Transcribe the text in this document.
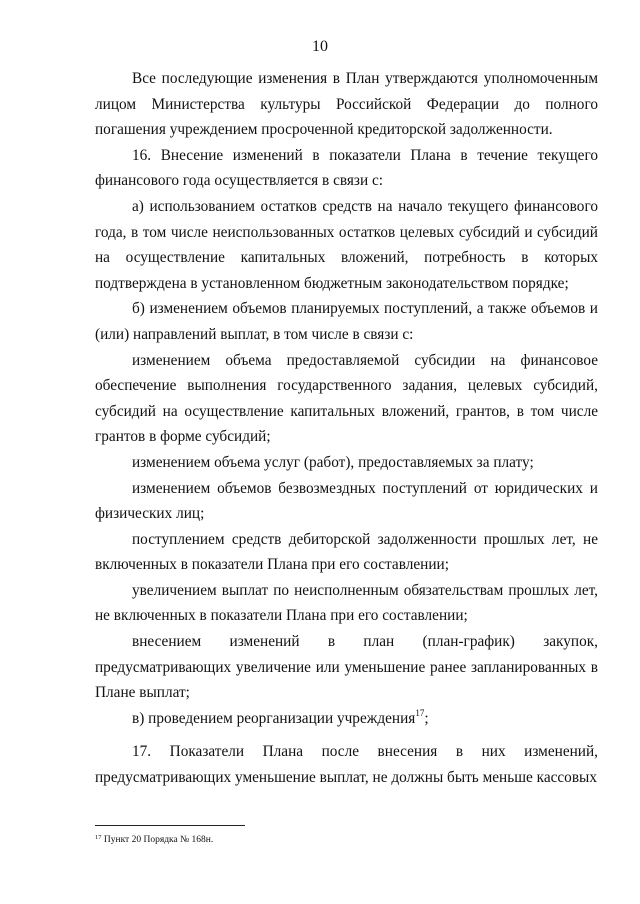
10

Все последующие изменения в План утверждаются уполномоченным лицом Министерства культуры Российской Федерации до полного погашения учреждением просроченной кредиторской задолженности.

16. Внесение изменений в показатели Плана в течение текущего финансового года осуществляется в связи с:

а) использованием остатков средств на начало текущего финансового года, в том числе неиспользованных остатков целевых субсидий и субсидий на осуществление капитальных вложений, потребность в которых подтверждена в установленном бюджетным законодательством порядке;

б) изменением объемов планируемых поступлений, а также объемов и (или) направлений выплат, в том числе в связи с:

изменением объема предоставляемой субсидии на финансовое обеспечение выполнения государственного задания, целевых субсидий, субсидий на осуществление капитальных вложений, грантов, в том числе грантов в форме субсидий;

изменением объема услуг (работ), предоставляемых за плату;

изменением объемов безвозмездных поступлений от юридических и физических лиц;

поступлением средств дебиторской задолженности прошлых лет, не включенных в показатели Плана при его составлении;

увеличением выплат по неисполненным обязательствам прошлых лет, не включенных в показатели Плана при его составлении;

внесением изменений в план (план-график) закупок, предусматривающих увеличение или уменьшение ранее запланированных в Плане выплат;

в) проведением реорганизации учреждения$^{17}$;

17. Показатели Плана после внесения в них изменений, предусматривающих уменьшение выплат, не должны быть меньше кассовых

$^{17}$ Пункт 20 Порядка № 168н.
